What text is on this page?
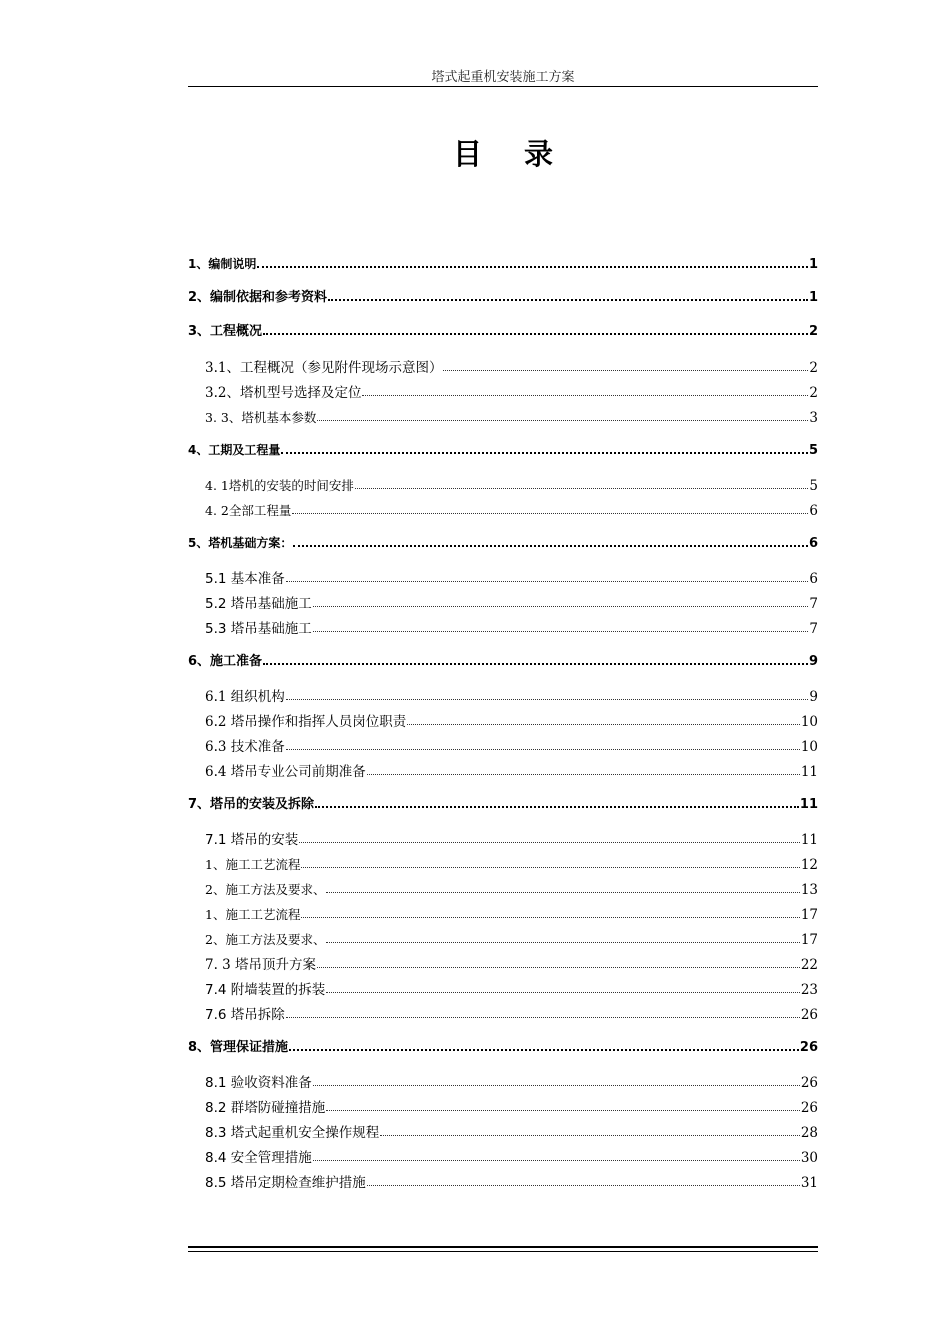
塔式起重机安装施工方案
目录
1、编制说明	1
2、编制依据和参考资料	1
3、工程概况	2
3.1、工程概况（参见附件现场示意图）	2
3.2、塔机型号选择及定位	2
3. 3、塔机基本参数	3
4、工期及工程量	5
4. 1塔机的安装的时间安排	5
4. 2全部工程量	6
5、塔机基础方案：	6
5.1 基本准备	6
5.2 塔吊基础施工	7
5.3 塔吊基础施工	7
6、施工准备	9
6.1 组织机构	9
6.2 塔吊操作和指挥人员岗位职责	10
6.3 技术准备	10
6.4 塔吊专业公司前期准备	11
7、塔吊的安装及拆除	11
7.1 塔吊的安装	11
1、施工工艺流程	12
2、施工方法及要求、	13
1、施工工艺流程	17
2、施工方法及要求、	17
7. 3 塔吊顶升方案	22
7.4 附墙装置的拆装	23
7.6 塔吊拆除	26
8、管理保证措施	26
8.1 验收资料准备	26
8.2 群塔防碰撞措施	26
8.3 塔式起重机安全操作规程	28
8.4 安全管理措施	30
8.5 塔吊定期检查维护措施	31
